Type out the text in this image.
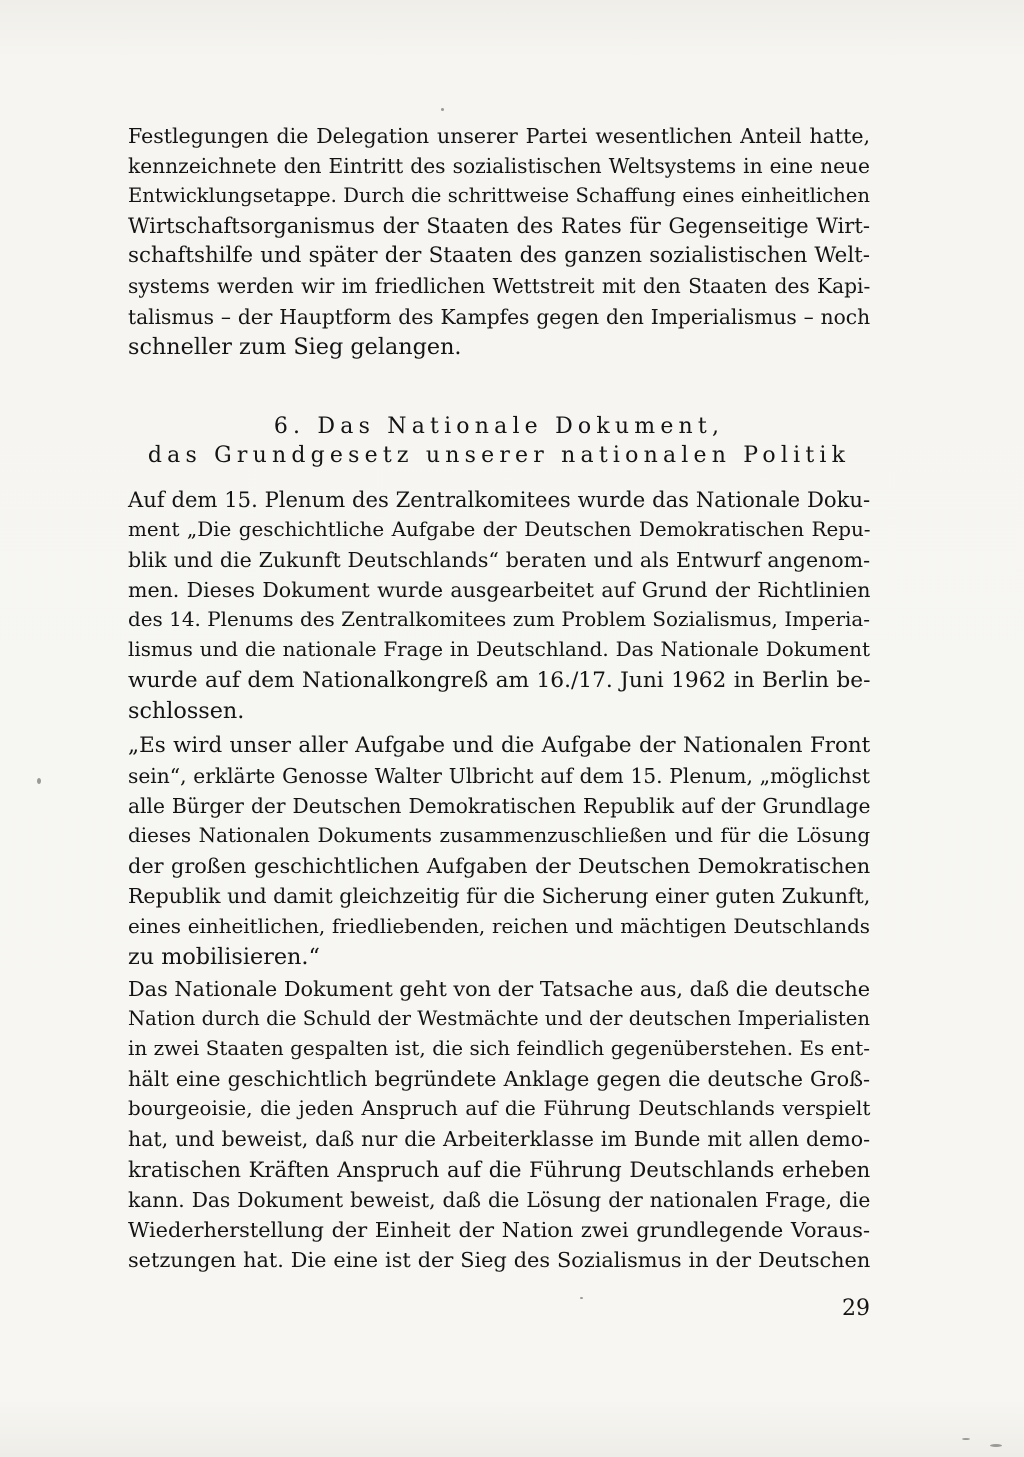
Festlegungen die Delegation unserer Partei wesentlichen Anteil hatte,
kennzeichnete den Eintritt des sozialistischen Weltsystems in eine neue
Entwicklungsetappe. Durch die schrittweise Schaffung eines einheitlichen
Wirtschaftsorganismus der Staaten des Rates für Gegenseitige Wirt-
schaftshilfe und später der Staaten des ganzen sozialistischen Welt-
systems werden wir im friedlichen Wettstreit mit den Staaten des Kapi-
talismus – der Hauptform des Kampfes gegen den Imperialismus – noch
schneller zum Sieg gelangen.
6. Das Nationale Dokument,
das Grundgesetz unserer nationalen Politik
Auf dem 15. Plenum des Zentralkomitees wurde das Nationale Doku-
ment „Die geschichtliche Aufgabe der Deutschen Demokratischen Repu-
blik und die Zukunft Deutschlands“ beraten und als Entwurf angenom-
men. Dieses Dokument wurde ausgearbeitet auf Grund der Richtlinien
des 14. Plenums des Zentralkomitees zum Problem Sozialismus, Imperia-
lismus und die nationale Frage in Deutschland. Das Nationale Dokument
wurde auf dem Nationalkongreß am 16./17. Juni 1962 in Berlin be-
schlossen.
„Es wird unser aller Aufgabe und die Aufgabe der Nationalen Front
sein“, erklärte Genosse Walter Ulbricht auf dem 15. Plenum, „möglichst
alle Bürger der Deutschen Demokratischen Republik auf der Grundlage
dieses Nationalen Dokuments zusammenzuschließen und für die Lösung
der großen geschichtlichen Aufgaben der Deutschen Demokratischen
Republik und damit gleichzeitig für die Sicherung einer guten Zukunft,
eines einheitlichen, friedliebenden, reichen und mächtigen Deutschlands
zu mobilisieren.“
Das Nationale Dokument geht von der Tatsache aus, daß die deutsche
Nation durch die Schuld der Westmächte und der deutschen Imperialisten
in zwei Staaten gespalten ist, die sich feindlich gegenüberstehen. Es ent-
hält eine geschichtlich begründete Anklage gegen die deutsche Groß-
bourgeoisie, die jeden Anspruch auf die Führung Deutschlands verspielt
hat, und beweist, daß nur die Arbeiterklasse im Bunde mit allen demo-
kratischen Kräften Anspruch auf die Führung Deutschlands erheben
kann. Das Dokument beweist, daß die Lösung der nationalen Frage, die
Wiederherstellung der Einheit der Nation zwei grundlegende Voraus-
setzungen hat. Die eine ist der Sieg des Sozialismus in der Deutschen
29
